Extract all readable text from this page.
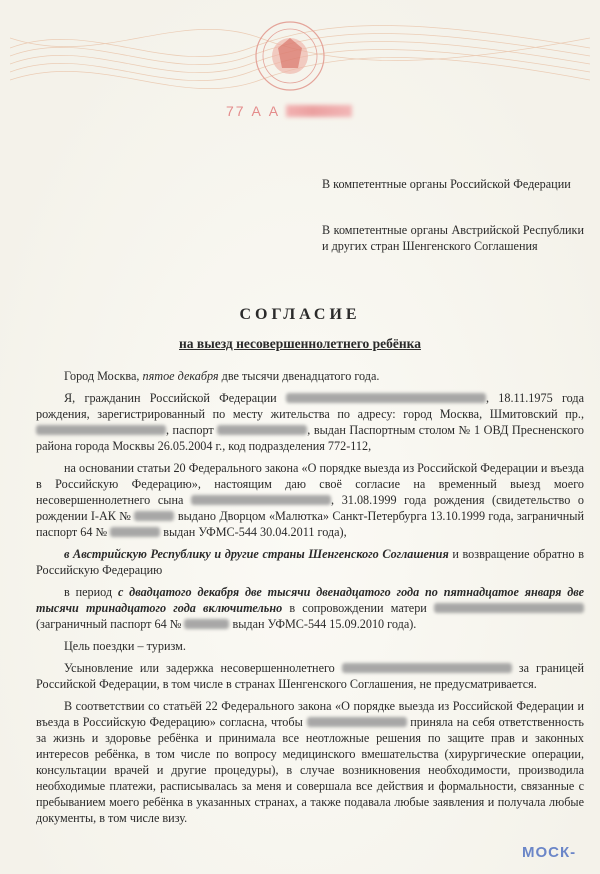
77 А А
В компетентные органы Российской Федерации
В компетентные органы Австрийской Республики и других стран Шенгенского Соглашения
СОГЛАСИЕ
на выезд несовершеннолетнего ребёнка

Город Москва, пятое декабря две тысячи двенадцатого года.

Я, гражданин Российской Федерации	, 18.11.1975 года рождения, зарегистрированный по месту жительства по адресу: город Москва, Шмитовский пр., , паспорт	, выдан Паспортным столом № 1 ОВД Пресненского района города Москвы 26.05.2004 г., код подразделения 772-112,

на основании статьи 20 Федерального закона «О порядке выезда из Российской Федерации и въезда в Российскую Федерацию», настоящим даю своё согласие на временный выезд моего несовершеннолетнего сына	, 31.08.1999 года рождения (свидетельство о рождении I-АК №	выдано Дворцом «Малютка» Санкт-Петербурга 13.10.1999 года, заграничный паспорт 64 №	выдан УФМС-544 30.04.2011 года),

в Австрийскую Республику и другие страны Шенгенского Соглашения и возвращение обратно в Российскую Федерацию

в период с двадцатого декабря две тысячи двенадцатого года по пятнадцатое января две тысячи тринадцатого года включительно в сопровождении матери  (заграничный паспорт 64 №	выдан УФМС-544 15.09.2010 года).

Цель поездки – туризм.

Усыновление или задержка несовершеннолетнего	за границей Российской Федерации, в том числе в странах Шенгенского Соглашения, не предусматривается.

В соответствии со статьёй 22 Федерального закона «О порядке выезда из Российской Федерации и въезда в Российскую Федерацию» согласна, чтобы	приняла на себя ответственность за жизнь и здоровье ребёнка и принимала все неотложные решения по защите прав и законных интересов ребёнка, в том числе по вопросу медицинского вмешательства (хирургические операции, консультации врачей и другие процедуры), в случае возникновения необходимости, производила необходимые платежи, расписывалась за меня и совершала все действия и формальности, связанные с пребыванием моего ребёнка в указанных странах, а также подавала любые заявления и получала любые документы, в том числе визу.

МОСК-
